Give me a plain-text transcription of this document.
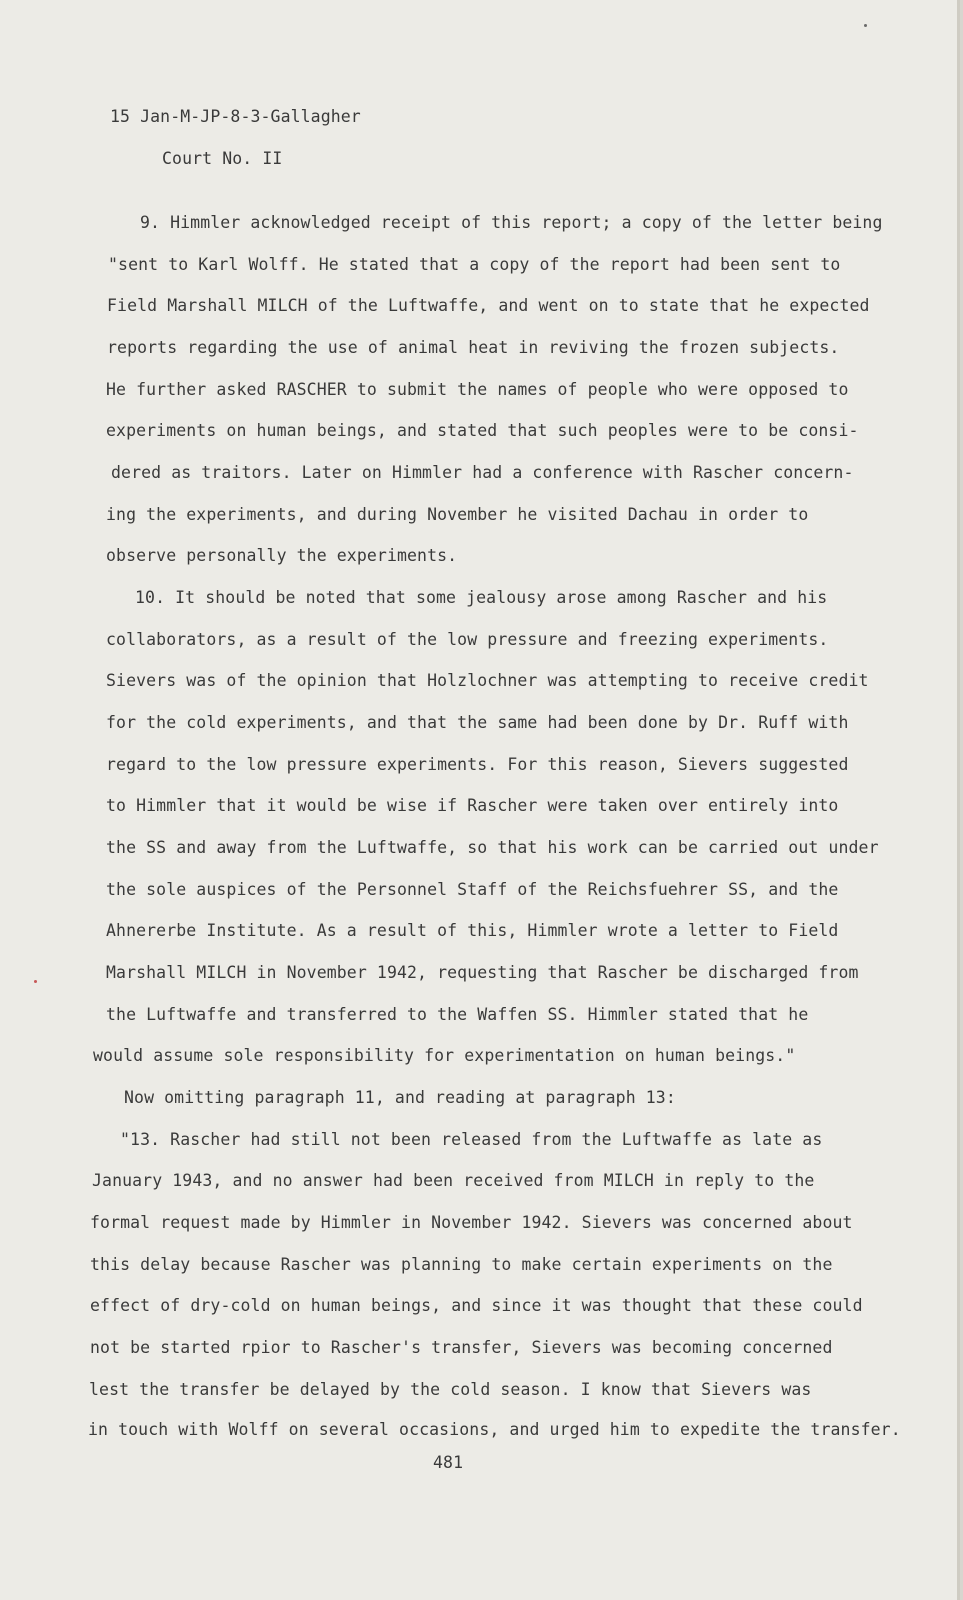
15 Jan-M-JP-8-3-Gallagher
Court No. II
9. Himmler acknowledged receipt of this report; a copy of the letter being
"sent to Karl Wolff. He stated that a copy of the report had been sent to
Field Marshall MILCH of the Luftwaffe, and went on to state that he expected
reports regarding the use of animal heat in reviving the frozen subjects.
He further asked RASCHER to submit the names of people who were opposed to
experiments on human beings, and stated that such peoples were to be consi-
dered as traitors. Later on Himmler had a conference with Rascher concern-
ing the experiments, and during November he visited Dachau in order to
observe personally the experiments.
10. It should be noted that some jealousy arose among Rascher and his
collaborators, as a result of the low pressure and freezing experiments.
Sievers was of the opinion that Holzlochner was attempting to receive credit
for the cold experiments, and that the same had been done by Dr. Ruff with
regard to the low pressure experiments. For this reason, Sievers suggested
to Himmler that it would be wise if Rascher were taken over entirely into
the SS and away from the Luftwaffe, so that his work can be carried out under
the sole auspices of the Personnel Staff of the Reichsfuehrer SS, and the
Ahnererbe Institute. As a result of this, Himmler wrote a letter to Field
Marshall MILCH in November 1942, requesting that Rascher be discharged from
the Luftwaffe and transferred to the Waffen SS. Himmler stated that he
would assume sole responsibility for experimentation on human beings."
Now omitting paragraph 11, and reading at paragraph 13:
"13. Rascher had still not been released from the Luftwaffe as late as
January 1943, and no answer had been received from MILCH in reply to the
formal request made by Himmler in November 1942. Sievers was concerned about
this delay because Rascher was planning to make certain experiments on the
effect of dry-cold on human beings, and since it was thought that these could
not be started rpior to Rascher's transfer, Sievers was becoming concerned
lest the transfer be delayed by the cold season. I know that Sievers was
in touch with Wolff on several occasions, and urged him to expedite the transfer.
481
